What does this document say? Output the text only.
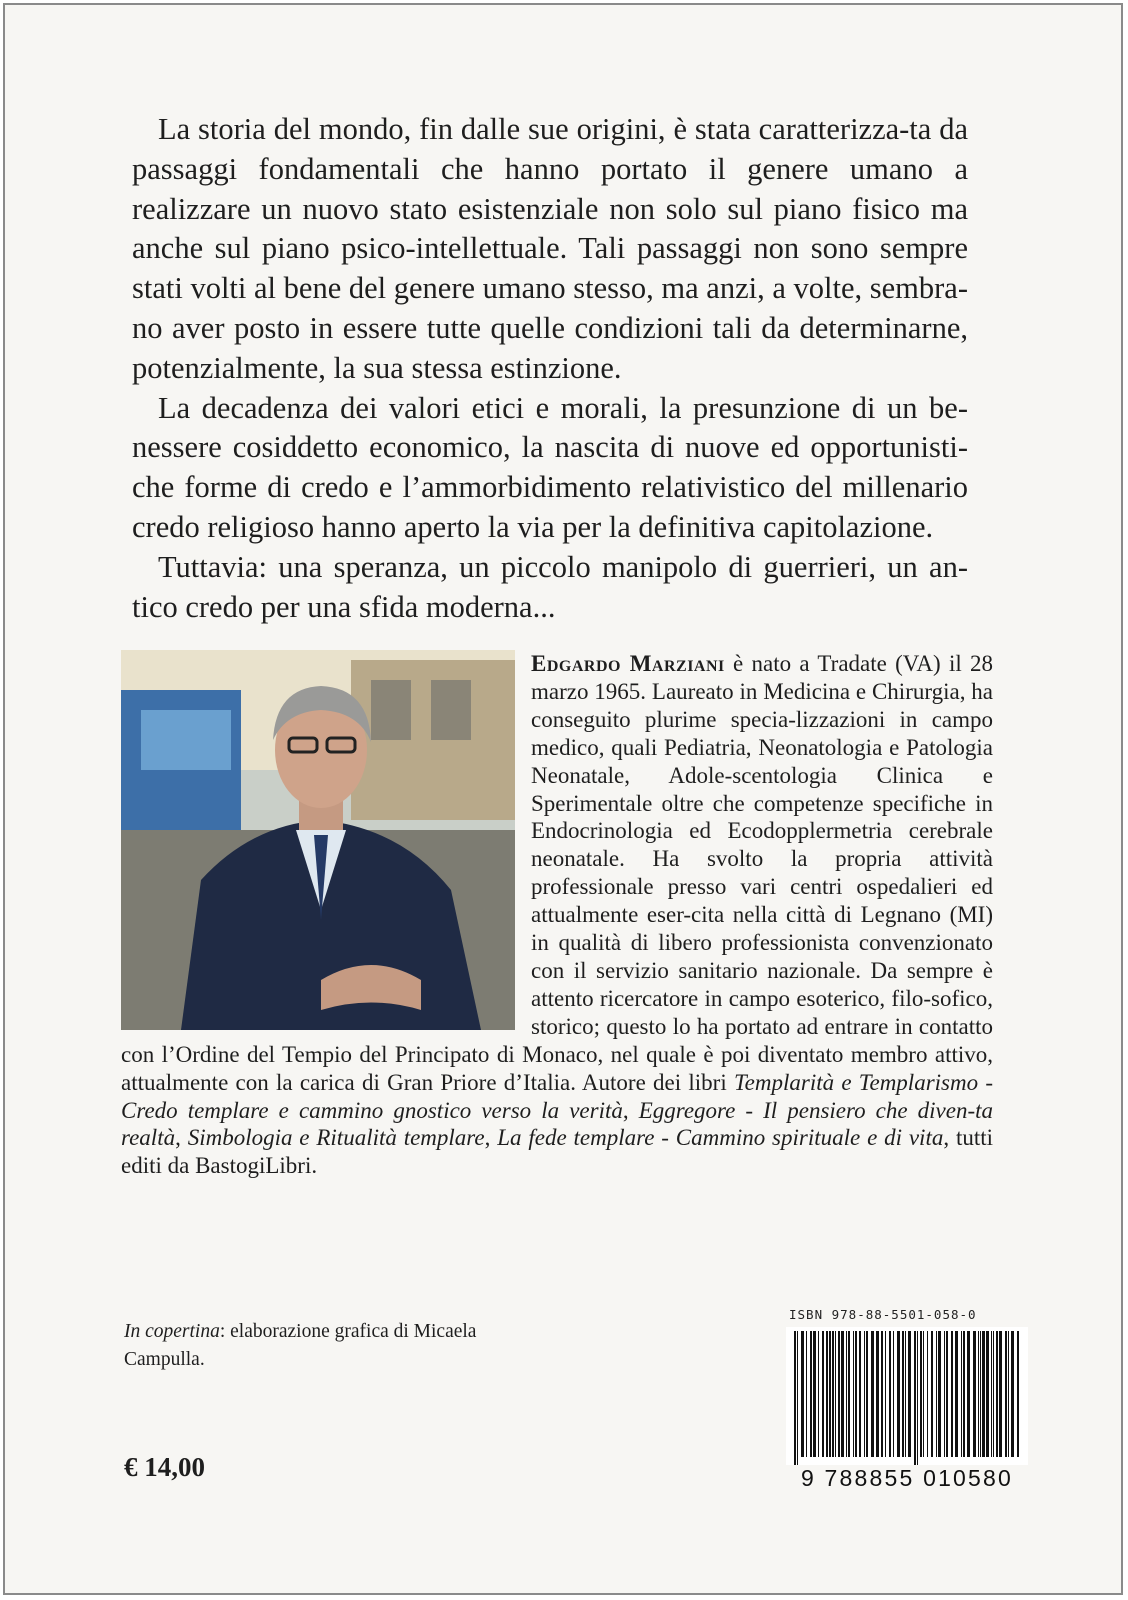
La storia del mondo, fin dalle sue origini, è stata caratterizza-ta da passaggi fondamentali che hanno portato il genere umano a realizzare un nuovo stato esistenziale non solo sul piano fisico ma anche sul piano psico-intellettuale. Tali passaggi non sono sempre stati volti al bene del genere umano stesso, ma anzi, a volte, sembra-no aver posto in essere tutte quelle condizioni tali da determinarne, potenzialmente, la sua stessa estinzione.

La decadenza dei valori etici e morali, la presunzione di un be-nessere cosiddetto economico, la nascita di nuove ed opportunisti-che forme di credo e l’ammorbidimento relativistico del millenario credo religioso hanno aperto la via per la definitiva capitolazione.

Tuttavia: una speranza, un piccolo manipolo di guerrieri, un an-tico credo per una sfida moderna...

Edgardo Marziani è nato a Tradate (VA) il 28 marzo 1965. Laureato in Medicina e Chirurgia, ha conseguito plurime specia-lizzazioni in campo medico, quali Pediatria, Neonatologia e Patologia Neonatale, Adole-scentologia Clinica e Sperimentale oltre che competenze specifiche in Endocrinologia ed Ecodopplermetria cerebrale neonatale. Ha svolto la propria attività professionale presso vari centri ospedalieri ed attualmente eser-cita nella città di Legnano (MI) in qualità di libero professionista convenzionato con il servizio sanitario nazionale. Da sempre è attento ricercatore in campo esoterico, filo-sofico, storico; questo lo ha portato ad entrare in contatto con l’Ordine del Tempio del Principato di Monaco, nel quale è poi diventato membro attivo, attualmente con la carica di Gran Priore d’Italia. Autore dei libri Templarità e Templarismo - Credo templare e cammino gnostico verso la verità, Eggregore - Il pensiero che diven-ta realtà, Simbologia e Ritualità templare, La fede templare - Cammino spirituale e di vita, tutti editi da BastogiLibri.
In copertina: elaborazione grafica di Micaela Campulla.
€ 14,00
ISBN 978-88-5501-058-0
9 788855 010580
